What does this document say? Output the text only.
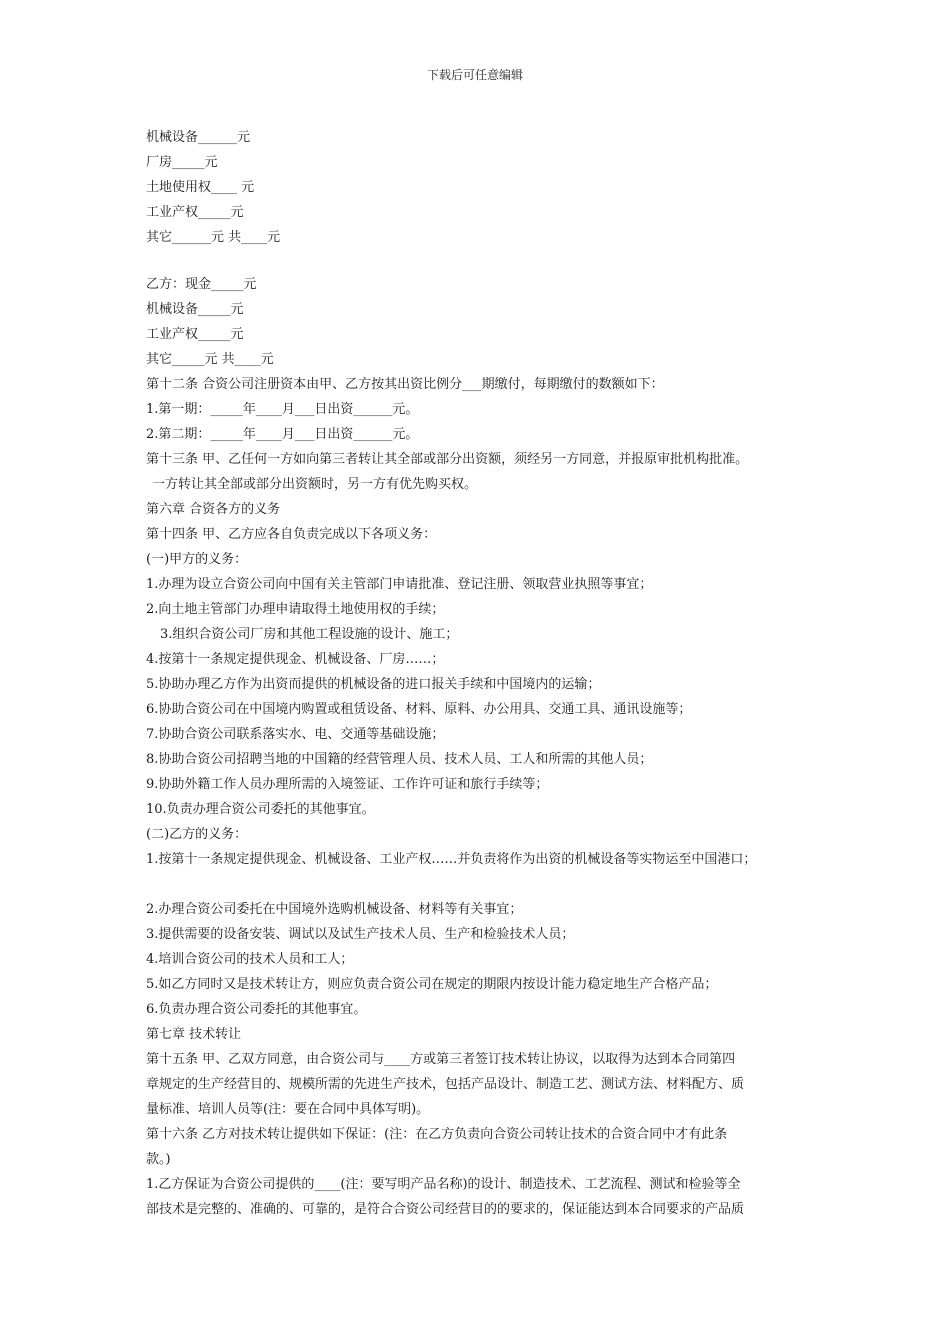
下载后可任意编辑
机械设备______元
厂房_____元
土地使用权____ 元
工业产权_____元
其它______元 共____元
乙方：现金_____元
机械设备_____元
工业产权_____元
其它_____元 共____元
第十二条 合资公司注册资本由甲、乙方按其出资比例分___期缴付，每期缴付的数额如下：
1.第一期：_____年____月___日出资______元。
2.第二期：_____年____月___日出资______元。
第十三条 甲、乙任何一方如向第三者转让其全部或部分出资额，须经另一方同意，并报原审批机构批准。
一方转让其全部或部分出资额时，另一方有优先购买权。
第六章 合资各方的义务
第十四条 甲、乙方应各自负责完成以下各项义务：
(一)甲方的义务：
1.办理为设立合资公司向中国有关主管部门申请批准、登记注册、领取营业执照等事宜；
2.向土地主管部门办理申请取得土地使用权的手续；
3.组织合资公司厂房和其他工程设施的设计、施工；
4.按第十一条规定提供现金、机械设备、厂房……；
5.协助办理乙方作为出资而提供的机械设备的进口报关手续和中国境内的运输；
6.协助合资公司在中国境内购置或租赁设备、材料、原料、办公用具、交通工具、通讯设施等；
7.协助合资公司联系落实水、电、交通等基础设施；
8.协助合资公司招聘当地的中国籍的经营管理人员、技术人员、工人和所需的其他人员；
9.协助外籍工作人员办理所需的入境签证、工作许可证和旅行手续等；
10.负责办理合资公司委托的其他事宜。
(二)乙方的义务：
1.按第十一条规定提供现金、机械设备、工业产权……并负责将作为出资的机械设备等实物运至中国港口；
2.办理合资公司委托在中国境外选购机械设备、材料等有关事宜；
3.提供需要的设备安装、调试以及试生产技术人员、生产和检验技术人员；
4.培训合资公司的技术人员和工人；
5.如乙方同时又是技术转让方，则应负责合资公司在规定的期限内按设计能力稳定地生产合格产品；
6.负责办理合资公司委托的其他事宜。
第七章 技术转让
第十五条 甲、乙双方同意，由合资公司与____方或第三者签订技术转让协议，以取得为达到本合同第四
章规定的生产经营目的、规模所需的先进生产技术，包括产品设计、制造工艺、测试方法、材料配方、质
量标准、培训人员等(注：要在合同中具体写明)。
第十六条 乙方对技术转让提供如下保证：(注：在乙方负责向合资公司转让技术的合资合同中才有此条
款。)
1.乙方保证为合资公司提供的____(注：要写明产品名称)的设计、制造技术、工艺流程、测试和检验等全
部技术是完整的、准确的、可靠的，是符合合资公司经营目的的要求的，保证能达到本合同要求的产品质
